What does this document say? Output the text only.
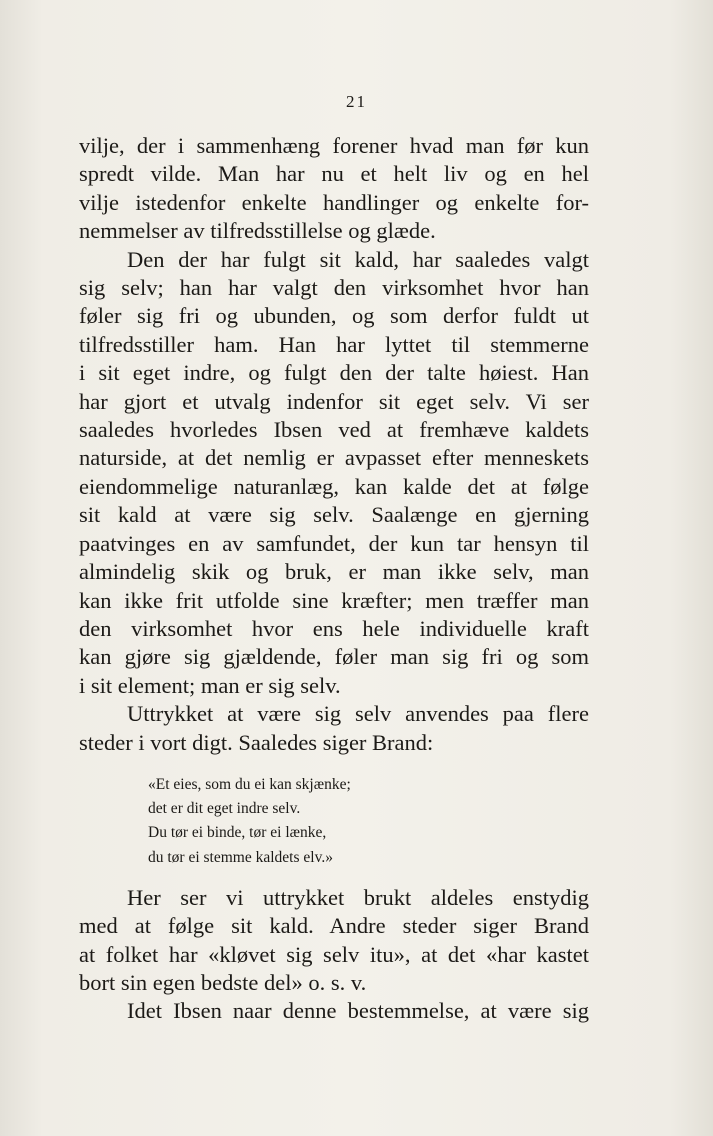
21
vilje, der i sammenhæng forener hvad man før kun
spredt vilde. Man har nu et helt liv og en hel
vilje istedenfor enkelte handlinger og enkelte for-
nemmelser av tilfredsstillelse og glæde.
Den der har fulgt sit kald, har saaledes valgt
sig selv; han har valgt den virksomhet hvor han
føler sig fri og ubunden, og som derfor fuldt ut
tilfredsstiller ham. Han har lyttet til stemmerne
i sit eget indre, og fulgt den der talte høiest. Han
har gjort et utvalg indenfor sit eget selv. Vi ser
saaledes hvorledes Ibsen ved at fremhæve kaldets
naturside, at det nemlig er avpasset efter menneskets
eiendommelige naturanlæg, kan kalde det at følge
sit kald at være sig selv. Saalænge en gjerning
paatvinges en av samfundet, der kun tar hensyn til
almindelig skik og bruk, er man ikke selv, man
kan ikke frit utfolde sine kræfter; men træffer man
den virksomhet hvor ens hele individuelle kraft
kan gjøre sig gjældende, føler man sig fri og som
i sit element; man er sig selv.
Uttrykket at være sig selv anvendes paa flere
steder i vort digt. Saaledes siger Brand:
«Et eies, som du ei kan skjænke;
det er dit eget indre selv.
Du tør ei binde, tør ei lænke,
du tør ei stemme kaldets elv.»
Her ser vi uttrykket brukt aldeles enstydig
med at følge sit kald. Andre steder siger Brand
at folket har «kløvet sig selv itu», at det «har kastet
bort sin egen bedste del» o. s. v.
Idet Ibsen naar denne bestemmelse, at være sig
